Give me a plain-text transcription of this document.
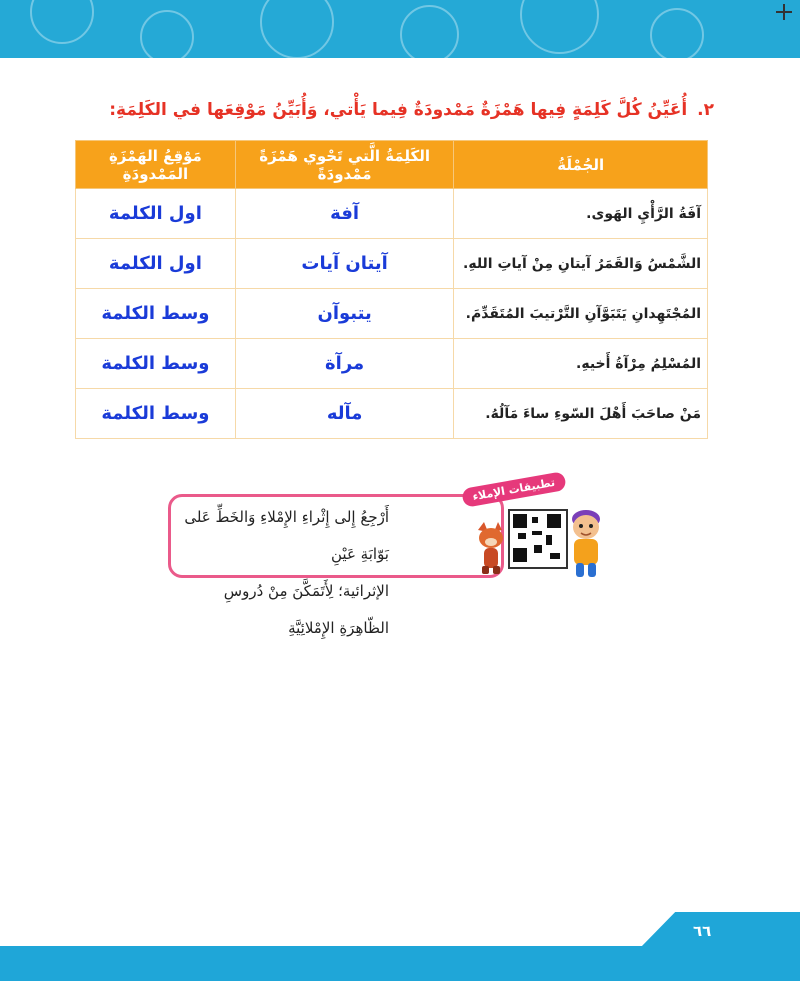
٢. أُعَيِّنُ كُلَّ كَلِمَةٍ فِيها هَمْزَةٌ مَمْدودَةٌ فِيما يَأْتي، وَأُبَيِّنُ مَوْقِعَها في الكَلِمَةِ:
الجُمْلَةُ	الكَلِمَةُ الَّتي تَحْوي هَمْزَةً مَمْدودَةً	مَوْقِعُ الهَمْزَةِ المَمْدودَةِ
آفَةُ الرَّأْيِ الهَوى.	آفة	اول الكلمة
الشَّمْسُ وَالقَمَرُ آيتانِ مِنْ آياتِ اللهِ.	آيتان آيات	اول الكلمة
المُجْتَهِدانِ يَتَبَوَّآنِ التَّرْتيبَ المُتَقَدِّمَ.	يتبوآن	وسط الكلمة
المُسْلِمُ مِرْآةُ أَخيهِ.	مرآة	وسط الكلمة
مَنْ صاحَبَ أَهْلَ السّوءِ ساءَ مَآلُهُ.	مآله	وسط الكلمة
أَرْجِعُ إِلى إِثْراءِ الإِمْلاءِ وَالخَطِّ عَلى بَوّابَةِ عَيْنِ
الإثرائية؛ لِأَتَمَكَّنَ مِنْ دُروسِ الظّاهِرَةِ الإِمْلائِيَّةِ
تطبيقات الإملاء
٦٦
